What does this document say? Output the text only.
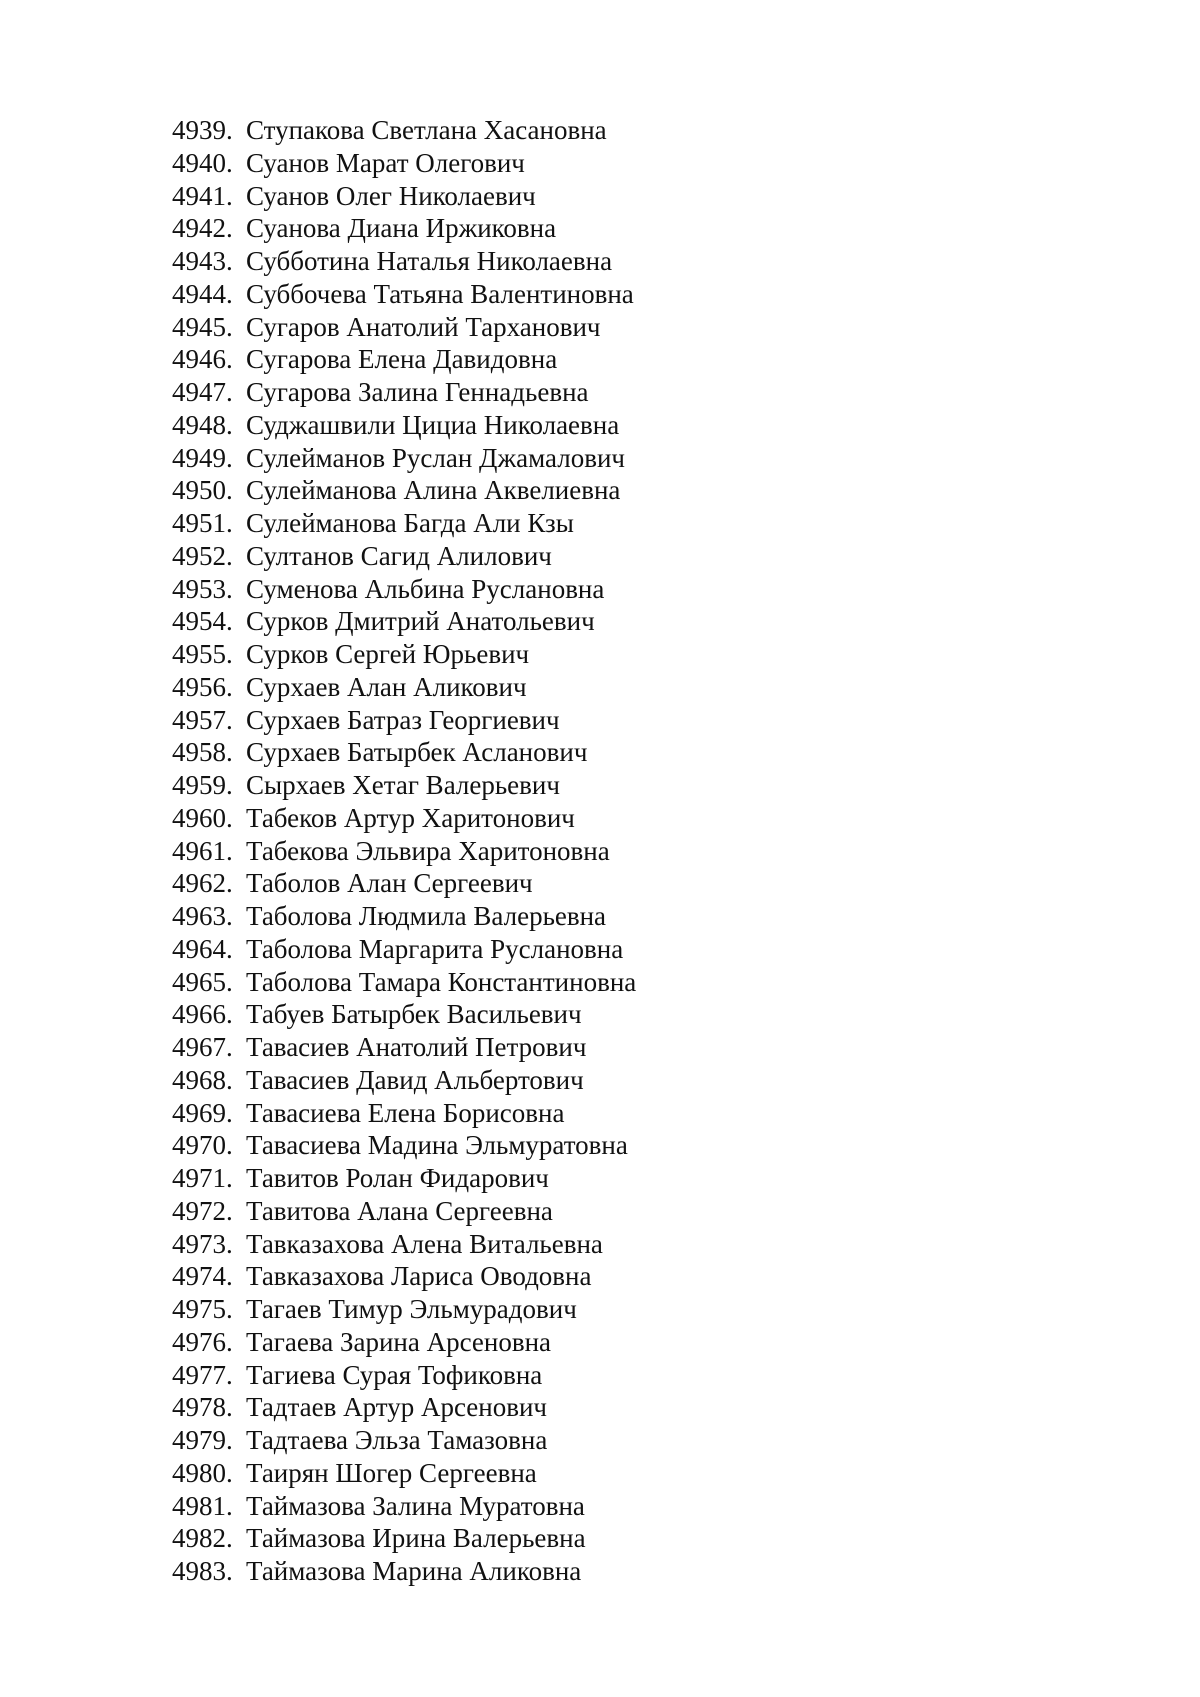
4939. Ступакова Светлана Хасановна
4940. Суанов Марат Олегович
4941. Суанов Олег Николаевич
4942. Суанова Диана Иржиковна
4943. Субботина Наталья Николаевна
4944. Суббочева Татьяна Валентиновна
4945. Сугаров Анатолий Тарханович
4946. Сугарова Елена Давидовна
4947. Сугарова Залина Геннадьевна
4948. Суджашвили Цициа Николаевна
4949. Сулейманов Руслан Джамалович
4950. Сулейманова Алина Аквелиевна
4951. Сулейманова Багда Али Кзы
4952. Султанов Сагид Алилович
4953. Суменова Альбина Руслановна
4954. Сурков Дмитрий Анатольевич
4955. Сурков Сергей Юрьевич
4956. Сурхаев Алан Аликович
4957. Сурхаев Батраз Георгиевич
4958. Сурхаев Батырбек Асланович
4959. Сырхаев Хетаг Валерьевич
4960. Табеков Артур Харитонович
4961. Табекова Эльвира Харитоновна
4962. Таболов Алан Сергеевич
4963. Таболова Людмила Валерьевна
4964. Таболова Маргарита Руслановна
4965. Таболова Тамара Константиновна
4966. Табуев Батырбек Васильевич
4967. Тавасиев Анатолий Петрович
4968. Тавасиев Давид Альбертович
4969. Тавасиева Елена Борисовна
4970. Тавасиева Мадина Эльмуратовна
4971. Тавитов Ролан Фидарович
4972. Тавитова Алана Сергеевна
4973. Тавказахова Алена Витальевна
4974. Тавказахова Лариса Оводовна
4975. Тагаев Тимур Эльмурадович
4976. Тагаева Зарина Арсеновна
4977. Тагиева Сурая Тофиковна
4978. Тадтаев Артур Арсенович
4979. Тадтаева Эльза Тамазовна
4980. Таирян Шогер Сергеевна
4981. Таймазова Залина Муратовна
4982. Таймазова Ирина Валерьевна
4983. Таймазова Марина Аликовна
